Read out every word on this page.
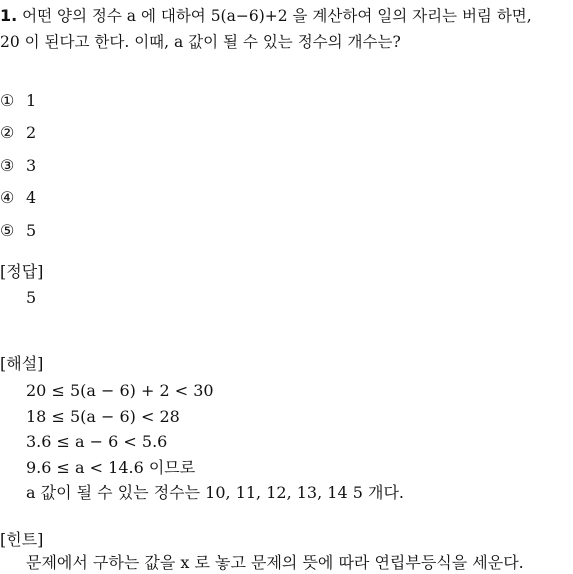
1. 어떤 양의 정수 a 에 대하여 5(a−6)+2 을 계산하여 일의 자리는 버림 하면,
20 이 된다고 한다. 이때, a 값이 될 수 있는 정수의 개수는?
① 1
② 2
③ 3
④ 4
⑤ 5
[정답]
5
[해설]
20 ≤ 5(a − 6) + 2 < 30
18 ≤ 5(a − 6) < 28
3.6 ≤ a − 6 < 5.6
9.6 ≤ a < 14.6 이므로
a 값이 될 수 있는 정수는 10, 11, 12, 13, 14 5 개다.
[힌트]
문제에서 구하는 값을 x 로 놓고 문제의 뜻에 따라 연립부등식을 세운다.
